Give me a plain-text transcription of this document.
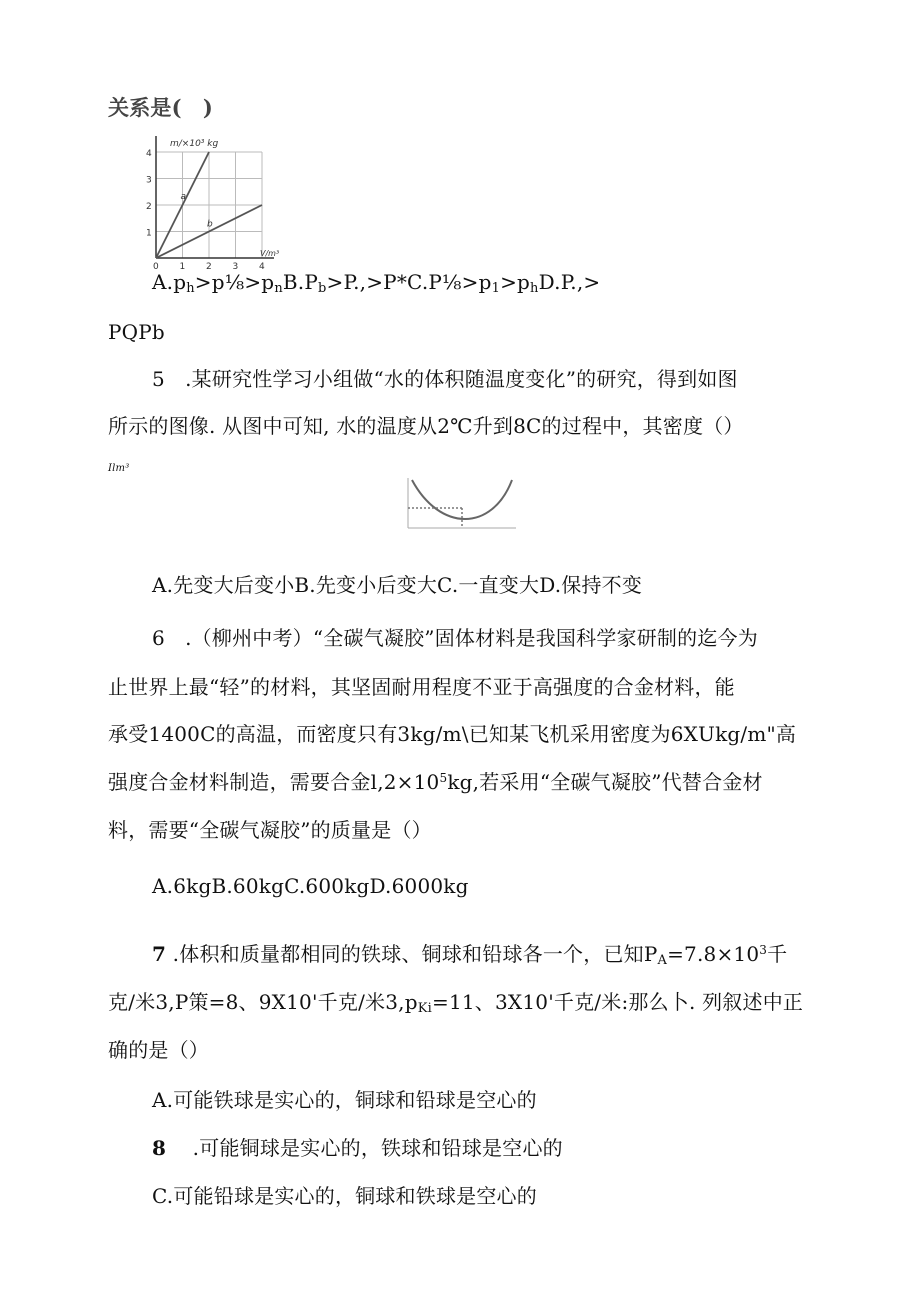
关系是(　)
0 1 2 3 4
1
2
3
4
a
b
m/×10³ kg
V/m³
$A.p_h>p\frac{1}{8}>p_nB.P_b>P.,>P*C.P\frac{1}{8}>p_1>p_hD.P.,>$
PQPb
5　.某研究性学习小组做“水的体积随温度变化”的研究，得到如图
所示的图像. 从图中可知, 水的温度从2℃升到8C的过程中，其密度（）
Ilm³
A.先变大后变小B.先变小后变大C.一直变大D.保持不变
6　.（柳州中考）“全碳气凝胶”固体材料是我国科学家研制的迄今为
止世界上最“轻”的材料，其坚固耐用程度不亚于高强度的合金材料，能
承受1400C的高温，而密度只有3kg∕m\已知某飞机采用密度为6XUkg∕m"高
强度合金材料制造，需要合金$l,2\times 10^5kg$,若采用“全碳气凝胶”代替合金材
料，需要“全碳气凝胶”的质量是（）
A.6kgB.60kgC.600kgD.6000kg
7 .体积和质量都相同的铁球、铜球和铅球各一个，已知$P_A=7.8\times 10^3$千
克/米3,P策=8、9X10'千克/米$3,p_{Ki}=11$、3X10'千克/米:那么卜. 列叙述中正
确的是（）
A.可能铁球是实心的，铜球和铅球是空心的
8 .可能铜球是实心的，铁球和铅球是空心的
C.可能铅球是实心的，铜球和铁球是空心的
